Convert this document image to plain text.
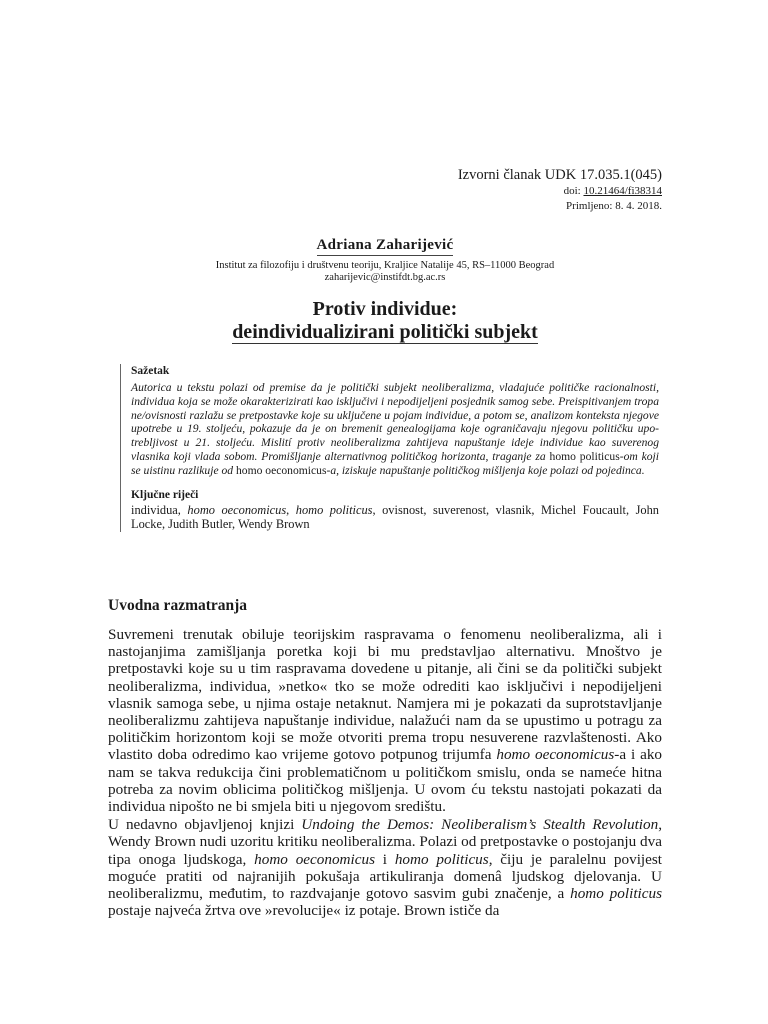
Izvorni članak UDK 17.035.1(045)
doi: 10.21464/fi38314
Primljeno: 8. 4. 2018.
Adriana Zaharijević
Institut za filozofiju i društvenu teoriju, Kraljice Natalije 45, RS–11000 Beograd
zaharijevic@instifdt.bg.ac.rs
Protiv individue:
deindividualizirani politički subjekt
Sažetak
Autorica u tekstu polazi od premise da je politički subjekt neoliberalizma, vladajuće političke racionalnosti, individua koja se može okarakterizirati kao isključivi i nepodijeljeni posjednik samog sebe. Preispitivanjem tropa ne/ovisnosti razlažu se pretpostavke koje su uključene u pojam individue, a potom se, analizom konteksta njegove upotrebe u 19. stoljeću, pokazuje da je on bremenit genealogijama koje ograničavaju njegovu političku upotrebljivost u 21. stoljeću. Mislití protiv neoliberalizma zahtijeva napuštanje ideje individue kao suverenog vlasnika koji vlada sobom. Promišljanje alternativnog političkog horizonta, traganje za homo politicus-om koji se uistinu razlikuje od homo oeconomicus-a, iziskuje napuštanje političkog mišljenja koje polazi od pojedinca.
Ključne riječi
individua, homo oeconomicus, homo politicus, ovisnost, suverenost, vlasnik, Michel Foucault, John Locke, Judith Butler, Wendy Brown
Uvodna razmatranja

Suvremeni trenutak obiluje teorijskim raspravama o fenomenu neoliberalizma, ali i nastojanjima zamišljanja poretka koji bi mu predstavljao alternativu. Mnoštvo je pretpostavki koje su u tim raspravama dovedene u pitanje, ali čini se da politički subjekt neoliberalizma, individua, »netko« tko se može odrediti kao isključivi i nepodijeljeni vlasnik samoga sebe, u njima ostaje netaknut. Namjera mi je pokazati da suprotstavljanje neoliberalizmu zahtijeva napuštanje individue, nalažući nam da se upustimo u potragu za političkim horizontom koji se može otvoriti prema tropu nesuverene razvlaštenosti. Ako vlastito doba odredimo kao vrijeme gotovo potpunog trijumfa homo oeconomicus-a i ako nam se takva redukcija čini problematičnom u političkom smislu, onda se nameće hitna potreba za novim oblicima političkog mišljenja. U ovom ću tekstu nastojati pokazati da individua nipošto ne bi smjela biti u njegovom središtu.

U nedavno objavljenoj knjizi Undoing the Demos: Neoliberalism’s Stealth Revolution, Wendy Brown nudi uzoritu kritiku neoliberalizma. Polazi od pretpostavke o postojanju dva tipa onoga ljudskoga, homo oeconomicus i homo politicus, čiju je paralelnu povijest moguće pratiti od najranijih pokušaja artikuliranja domenâ ljudskog djelovanja. U neoliberalizmu, međutim, to razdvajanje gotovo sasvim gubi značenje, a homo politicus postaje najveća žrtva ove »revolucije« iz potaje. Brown ističe da
